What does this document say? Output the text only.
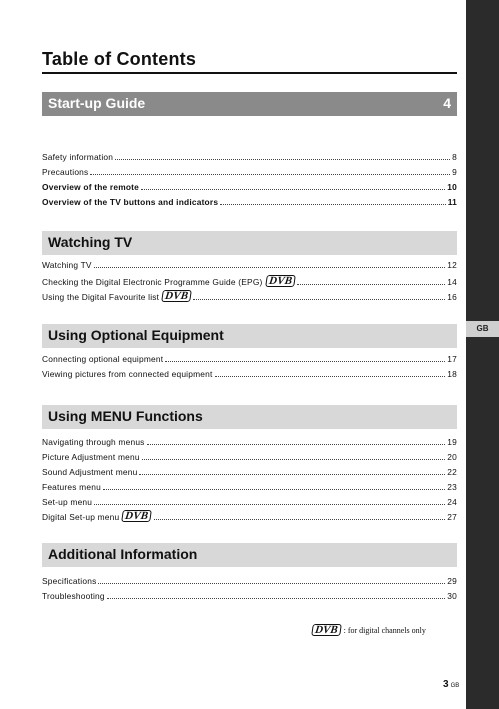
GB
Table of Contents
Start-up Guide	4
Safety information	8
Precautions	9
Overview of the remote	10
Overview of the TV buttons and indicators	11
Watching TV
Watching TV	12
Checking the Digital Electronic Programme Guide (EPG) DVB	14
Using the Digital Favourite list DVB	16
Using Optional Equipment
Connecting optional equipment	17
Viewing pictures from connected equipment	18
Using MENU Functions
Navigating through menus	19
Picture Adjustment menu	20
Sound Adjustment menu	22
Features menu	23
Set-up menu	24
Digital Set-up menu DVB	27
Additional Information
Specifications	29
Troubleshooting	30
DVB : for digital channels only
3 GB
